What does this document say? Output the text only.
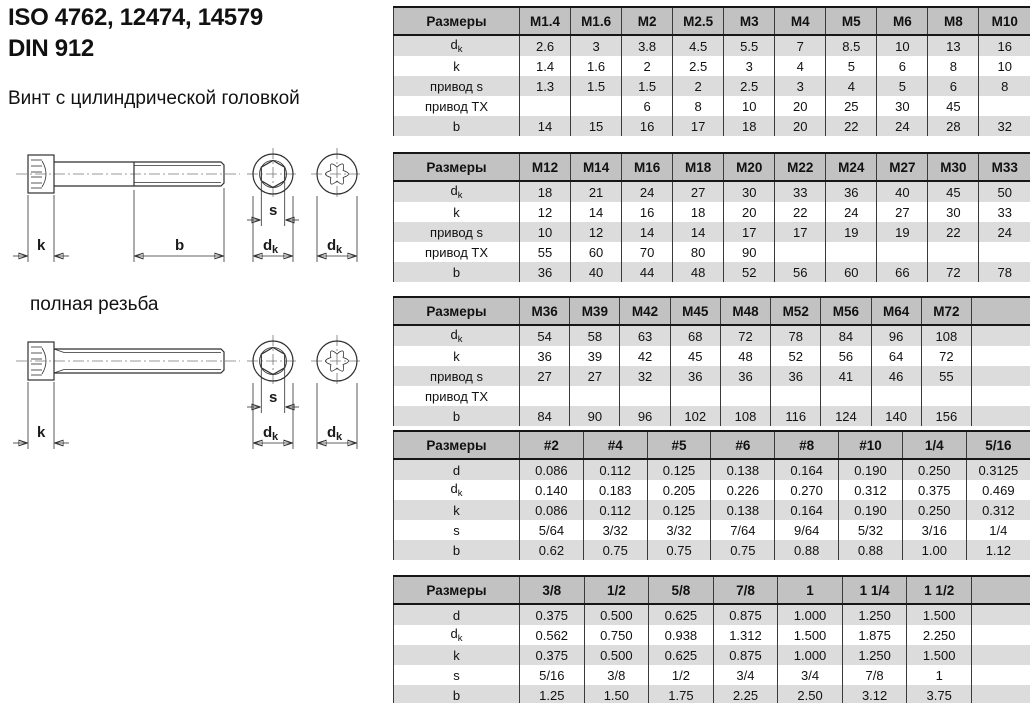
ISO 4762, 12474, 14579
DIN 912
Винт с цилиндрической головкой
k	b
s
d k	d k
полная резьба
k
s
d k	d k
Размеры	M1.4	M1.6	M2	M2.5	M3	M4	M5	M6	M8	M10
$d_k$	2.6	3	3.8	4.5	5.5	7	8.5	10	13	16
k	1.4	1.6	2	2.5	3	4	5	6	8	10
привод s	1.3	1.5	1.5	2	2.5	3	4	5	6	8
привод TX			6	8	10	20	25	30	45	
b	14	15	16	17	18	20	22	24	28	32
Размеры	M12	M14	M16	M18	M20	M22	M24	M27	M30	M33
$d_k$	18	21	24	27	30	33	36	40	45	50
k	12	14	16	18	20	22	24	27	30	33
привод s	10	12	14	14	17	17	19	19	22	24
привод TX	55	60	70	80	90					
b	36	40	44	48	52	56	60	66	72	78
Размеры	M36	M39	M42	M45	M48	M52	M56	M64	M72	
$d_k$	54	58	63	68	72	78	84	96	108	
k	36	39	42	45	48	52	56	64	72	
привод s	27	27	32	36	36	36	41	46	55	
привод TX										
b	84	90	96	102	108	116	124	140	156	
Размеры	#2	#4	#5	#6	#8	#10	1/4	5/16
d	0.086	0.112	0.125	0.138	0.164	0.190	0.250	0.3125
$d_k$	0.140	0.183	0.205	0.226	0.270	0.312	0.375	0.469
k	0.086	0.112	0.125	0.138	0.164	0.190	0.250	0.312
s	5/64	3/32	3/32	7/64	9/64	5/32	3/16	1/4
b	0.62	0.75	0.75	0.75	0.88	0.88	1.00	1.12
Размеры	3/8	1/2	5/8	7/8	1	1 1/4	1 1/2	
d	0.375	0.500	0.625	0.875	1.000	1.250	1.500	
$d_k$	0.562	0.750	0.938	1.312	1.500	1.875	2.250	
k	0.375	0.500	0.625	0.875	1.000	1.250	1.500	
s	5/16	3/8	1/2	3/4	3/4	7/8	1	
b	1.25	1.50	1.75	2.25	2.50	3.12	3.75	
